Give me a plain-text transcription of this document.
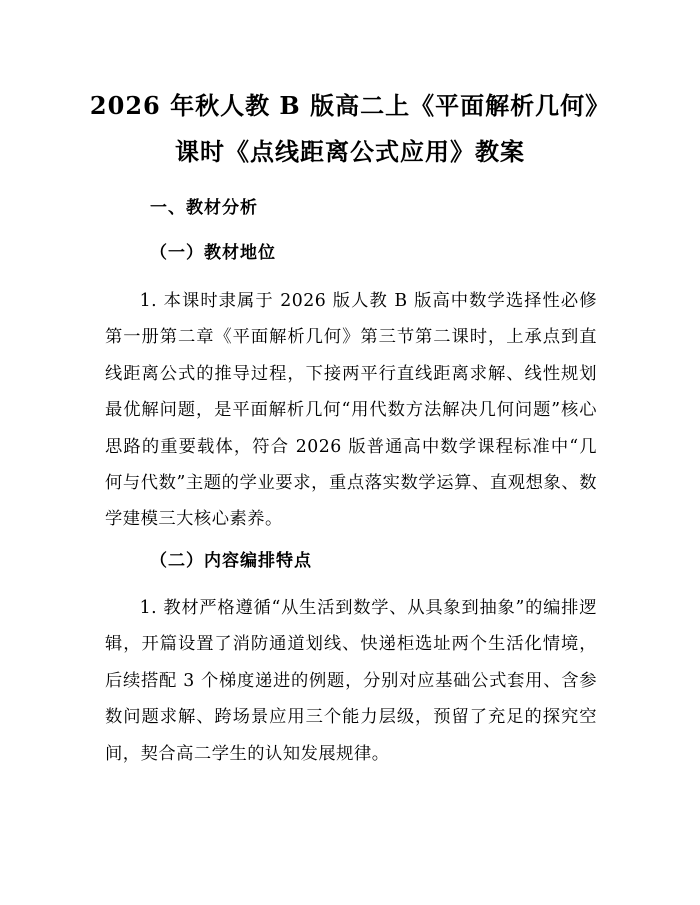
2026 年秋人教 B 版高二上《平面解析几何》
课时《点线距离公式应用》教案
一、教材分析
（一）教材地位

1. 本课时隶属于 2026 版人教 B 版高中数学选择性必修第一册第二章《平面解析几何》第三节第二课时，上承点到直线距离公式的推导过程，下接两平行直线距离求解、线性规划最优解问题，是平面解析几何“用代数方法解决几何问题”核心思路的重要载体，符合 2026 版普通高中数学课程标准中“几何与代数”主题的学业要求，重点落实数学运算、直观想象、数学建模三大核心素养。

（二）内容编排特点

1. 教材严格遵循“从生活到数学、从具象到抽象”的编排逻辑，开篇设置了消防通道划线、快递柜选址两个生活化情境，后续搭配 3 个梯度递进的例题，分别对应基础公式套用、含参数问题求解、跨场景应用三个能力层级，预留了充足的探究空间，契合高二学生的认知发展规律。
